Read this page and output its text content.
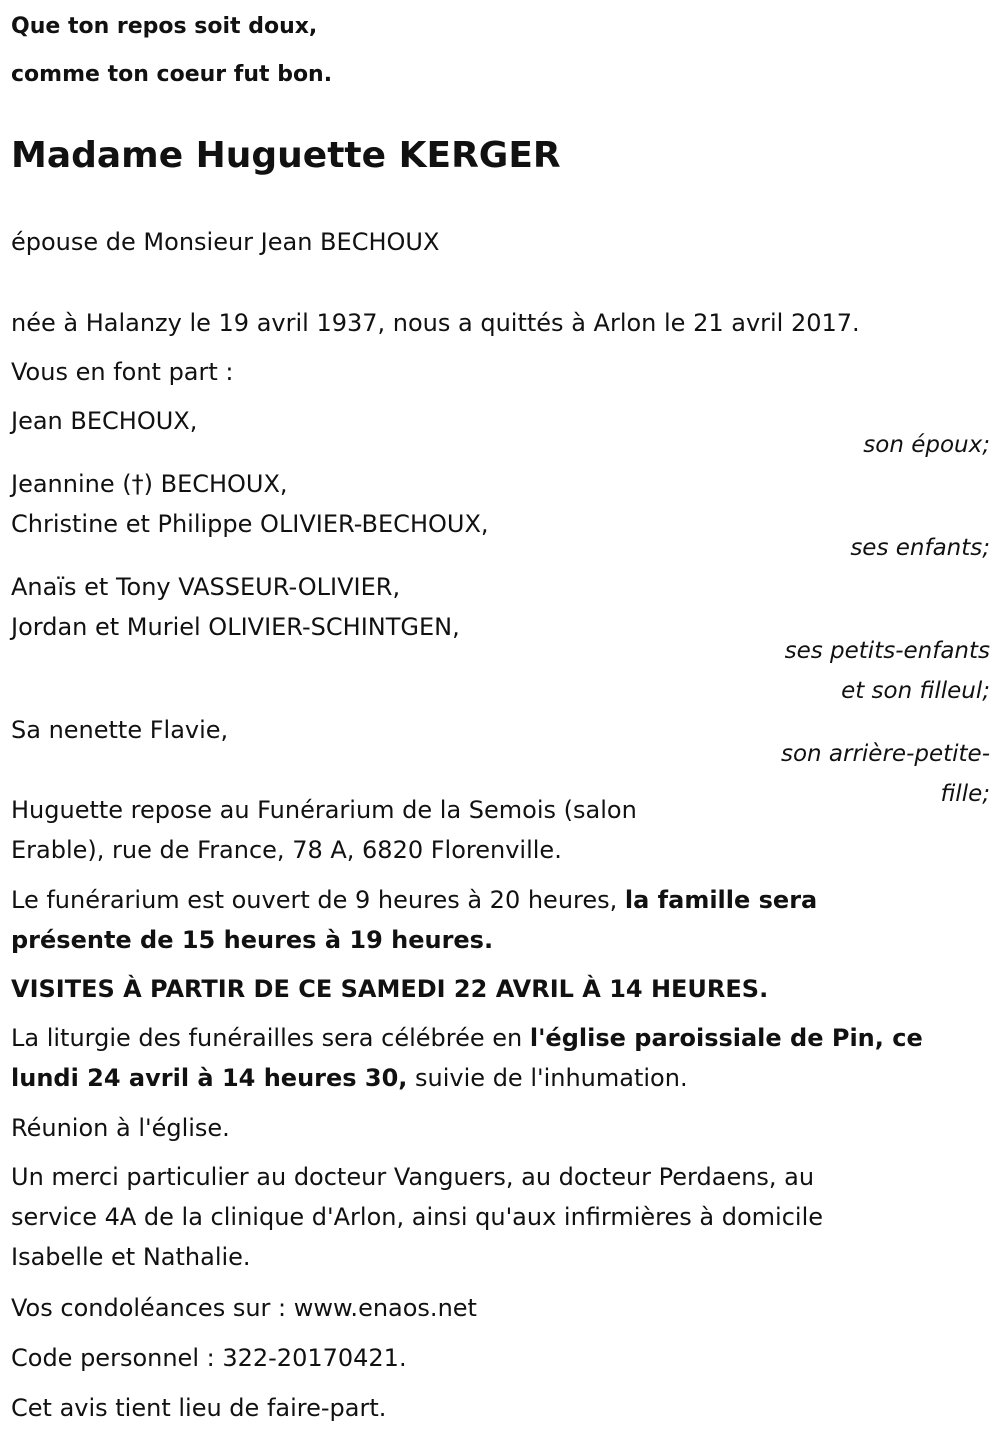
Que ton repos soit doux,

comme ton coeur fut bon.

Madame Huguette KERGER

épouse de Monsieur Jean BECHOUX

née à Halanzy le 19 avril 1937, nous a quittés à Arlon le 21 avril 2017.

Vous en font part :

Jean BECHOUX,

son époux;

Jeannine (†) BECHOUX,

Christine et Philippe OLIVIER-BECHOUX,

ses enfants;

Anaïs et Tony VASSEUR-OLIVIER,

Jordan et Muriel OLIVIER-SCHINTGEN,

ses petits-enfants

et son filleul;

Sa nenette Flavie,

son arrière-petite-

fille;

Huguette repose au Funérarium de la Semois (salon

Erable), rue de France, 78 A, 6820 Florenville.

Le funérarium est ouvert de 9 heures à 20 heures, la famille sera

présente de 15 heures à 19 heures.

VISITES À PARTIR DE CE SAMEDI 22 AVRIL À 14 HEURES.

La liturgie des funérailles sera célébrée en l'église paroissiale de Pin, ce

lundi 24 avril à 14 heures 30, suivie de l'inhumation.

Réunion à l'église.

Un merci particulier au docteur Vanguers, au docteur Perdaens, au

service 4A de la clinique d'Arlon, ainsi qu'aux infirmières à domicile

Isabelle et Nathalie.

Vos condoléances sur : www.enaos.net

Code personnel : 322-20170421.

Cet avis tient lieu de faire-part.
